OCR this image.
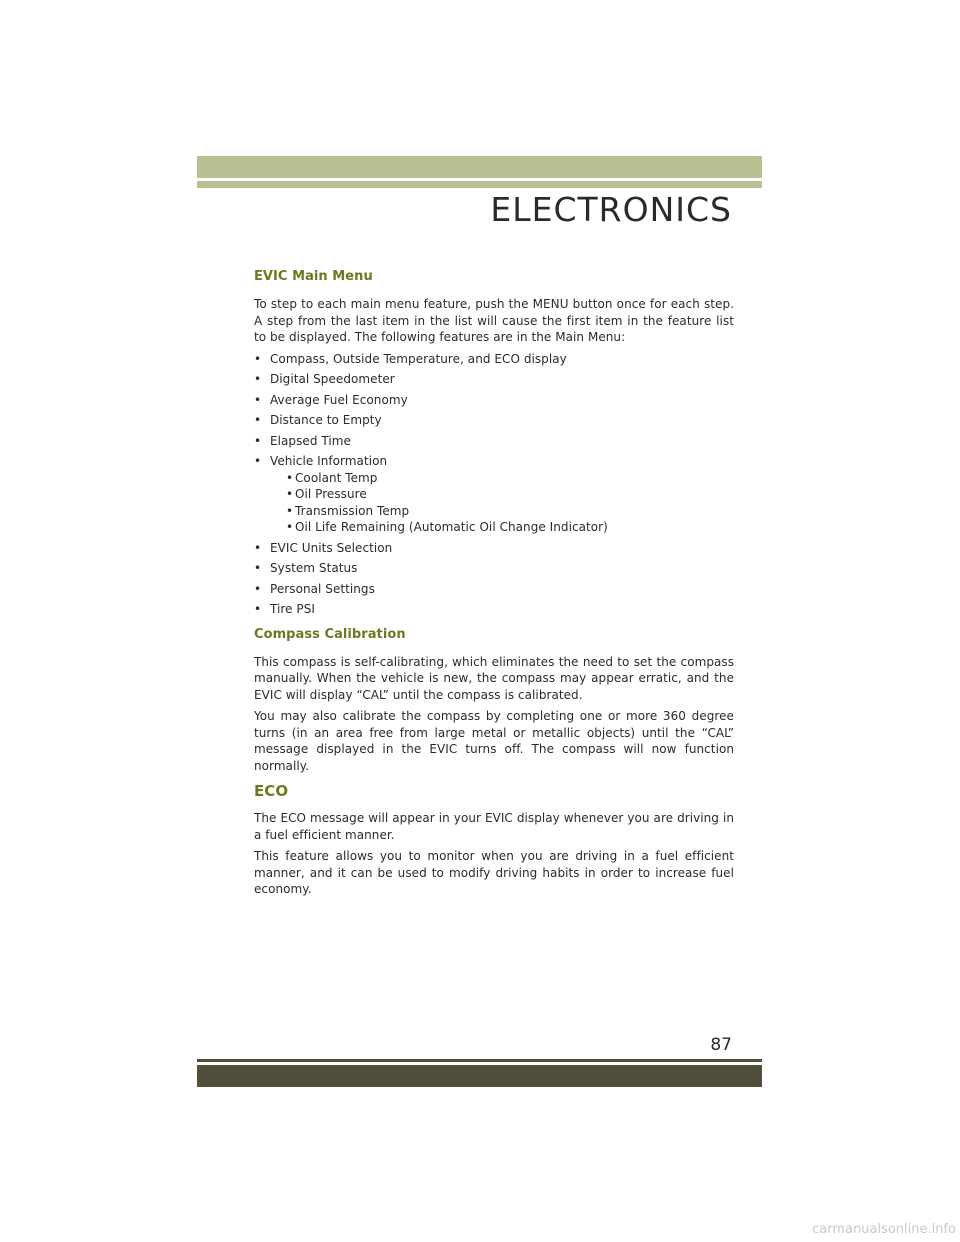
ELECTRONICS
EVIC Main Menu

To step to each main menu feature, push the MENU button once for each step. A step from the last item in the list will cause the first item in the feature list to be displayed. The following features are in the Main Menu:

• Compass, Outside Temperature, and ECO display
• Digital Speedometer
• Average Fuel Economy
• Distance to Empty
• Elapsed Time
• Vehicle Information
• Coolant Temp
• Oil Pressure
• Transmission Temp
• Oil Life Remaining (Automatic Oil Change Indicator)
• EVIC Units Selection
• System Status
• Personal Settings
• Tire PSI
Compass Calibration

This compass is self-calibrating, which eliminates the need to set the compass manually. When the vehicle is new, the compass may appear erratic, and the EVIC will display “CAL” until the compass is calibrated.

You may also calibrate the compass by completing one or more 360 degree turns (in an area free from large metal or metallic objects) until the “CAL” message displayed in the EVIC turns off. The compass will now function normally.

ECO

The ECO message will appear in your EVIC display whenever you are driving in a fuel efficient manner.

This feature allows you to monitor when you are driving in a fuel efficient manner, and it can be used to modify driving habits in order to increase fuel economy.

87
carmanualsonline.info
